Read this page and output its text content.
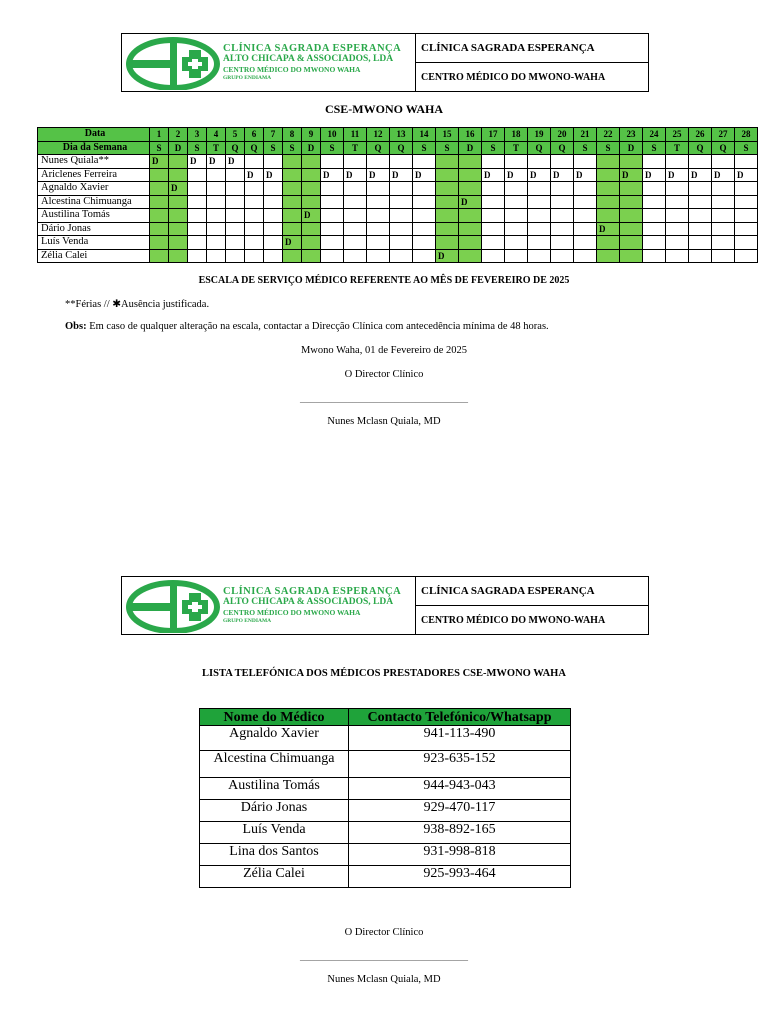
CLÍNICA SAGRADA ESPERANÇA
ALTO CHICAPA & ASSOCIADOS, LDA
CENTRO MÉDICO DO MWONO WAHA
GRUPO ENDIAMA
CLÍNICA SAGRADA ESPERANÇA
CENTRO MÉDICO DO MWONO-WAHA
CSE-MWONO WAHA
Data	1	2	3	4	5	6	7	8	9	10	11	12	13	14	15	16	17	18	19	20	21	22	23	24	25	26	27	28
Dia da Semana	S	D	S	T	Q	Q	S	S	D	S	T	Q	Q	S	S	D	S	T	Q	Q	S	S	D	S	T	Q	Q	S
Nunes Quiala**	D		D	D	D																							
Ariclenes Ferreira						D	D			D	D	D	D	D			D	D	D	D	D		D	D	D	D	D	D
Agnaldo Xavier		D																										
Alcestina Chimuanga																D												
Austilina Tomás									D																			
Dário Jonas																						D						
Luís Venda								D																				
Zélia Calei															D													
ESCALA DE SERVIÇO MÉDICO REFERENTE AO MÊS DE FEVEREIRO DE 2025
**Férias // ✱Ausência justificada.
Obs: Em caso de qualquer alteração na escala, contactar a Direcção Clínica com antecedência mínima de 48 horas.
Mwono Waha, 01 de Fevereiro de 2025
O Director Clínico
________________________________
Nunes Mclasn Quiala, MD
CLÍNICA SAGRADA ESPERANÇA
ALTO CHICAPA & ASSOCIADOS, LDA
CENTRO MÉDICO DO MWONO WAHA
GRUPO ENDIAMA
CLÍNICA SAGRADA ESPERANÇA
CENTRO MÉDICO DO MWONO-WAHA
LISTA TELEFÓNICA DOS MÉDICOS PRESTADORES CSE-MWONO WAHA
Nome do Médico	Contacto Telefónico/Whatsapp
Agnaldo Xavier	941-113-490
Alcestina Chimuanga	923-635-152
Austilina Tomás	944-943-043
Dário Jonas	929-470-117
Luís Venda	938-892-165
Lina dos Santos	931-998-818
Zélia Calei	925-993-464
O Director Clínico
________________________________
Nunes Mclasn Quiala, MD
